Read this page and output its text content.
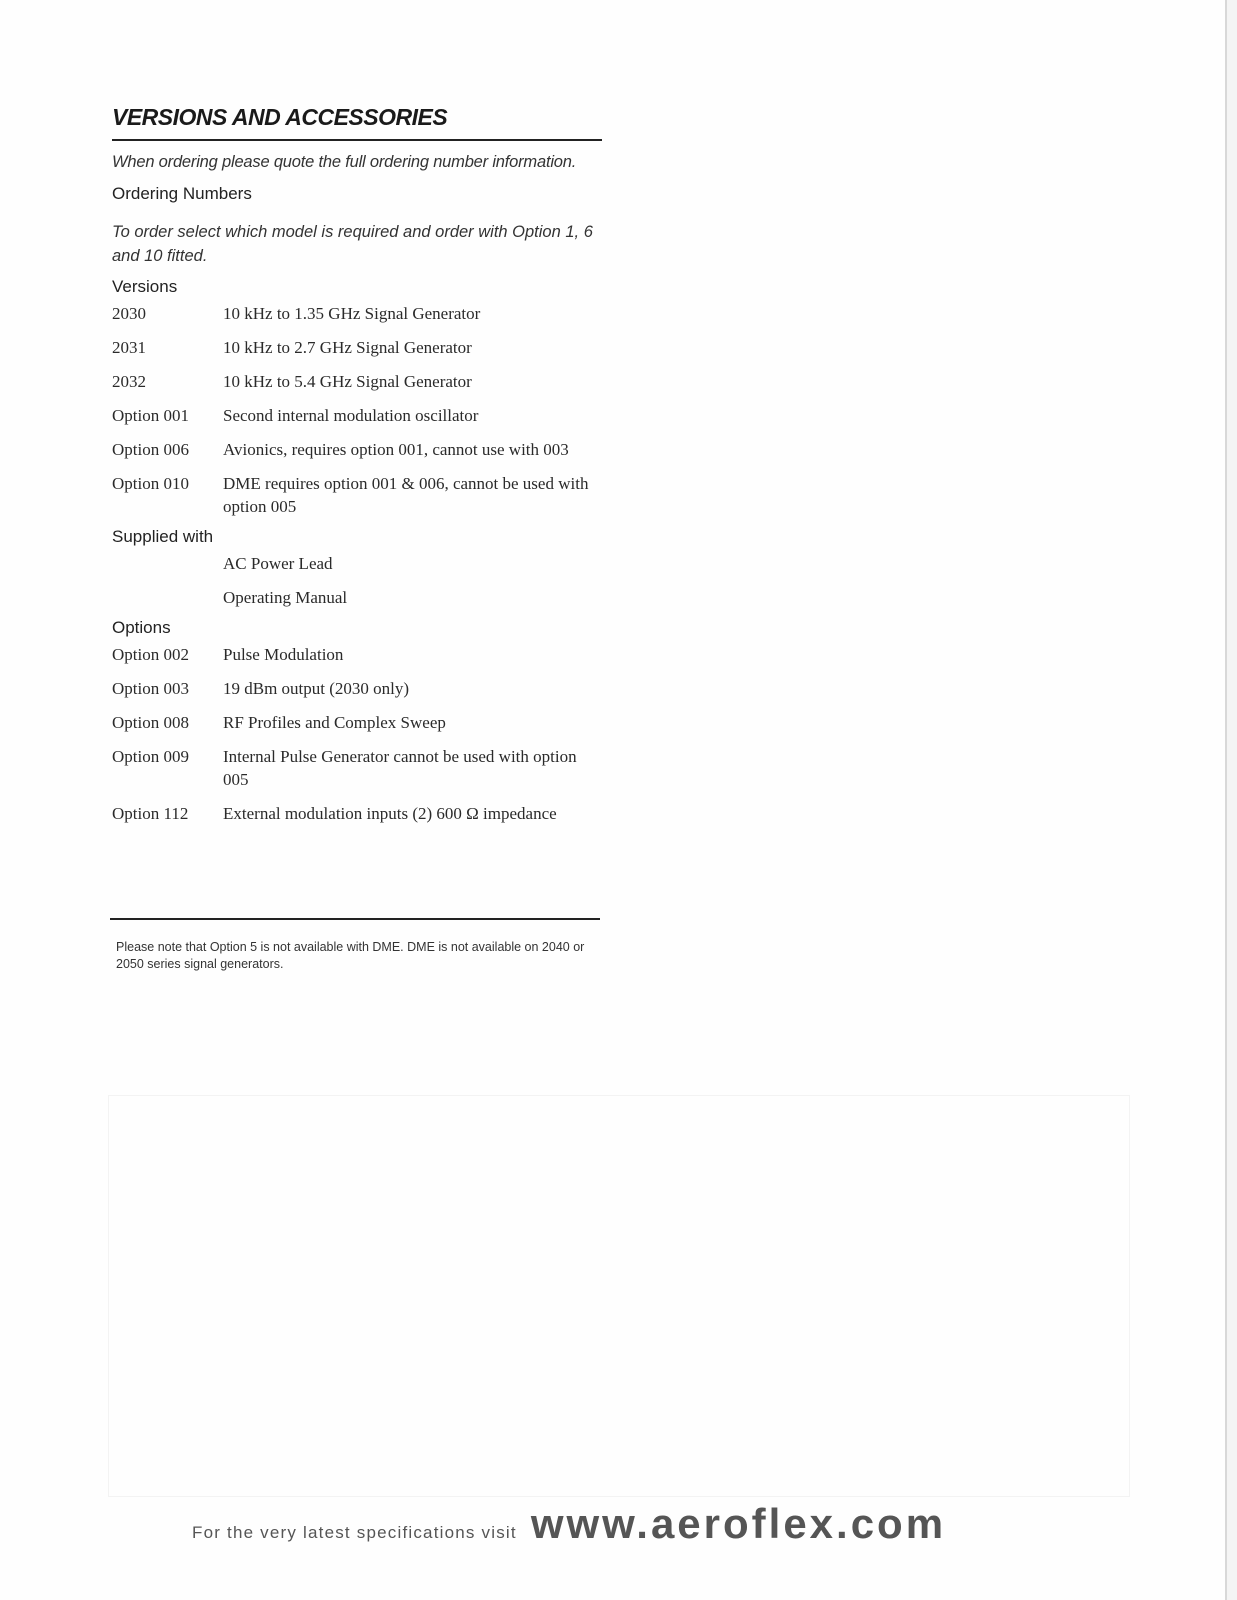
VERSIONS AND ACCESSORIES
When ordering please quote the full ordering number information.
Ordering Numbers
To order select which model is required and order with Option 1, 6 and 10 fitted.
Versions
2030	10 kHz to 1.35 GHz Signal Generator
2031	10 kHz to 2.7 GHz Signal Generator
2032	10 kHz to 5.4 GHz Signal Generator
Option 001	Second internal modulation oscillator
Option 006	Avionics, requires option 001, cannot use with 003
Option 010	DME requires option 001 & 006, cannot be used with option 005
Supplied with
AC Power Lead
Operating Manual
Options
Option 002	Pulse Modulation
Option 003	19 dBm output (2030 only)
Option 008	RF Profiles and Complex Sweep
Option 009	Internal Pulse Generator cannot be used with option 005
Option 112	External modulation inputs (2) 600 Ω impedance
Please note that Option 5 is not available with DME. DME is not available on 2040 or 2050 series signal generators.
For the very latest specifications visit www.aeroflex.com
